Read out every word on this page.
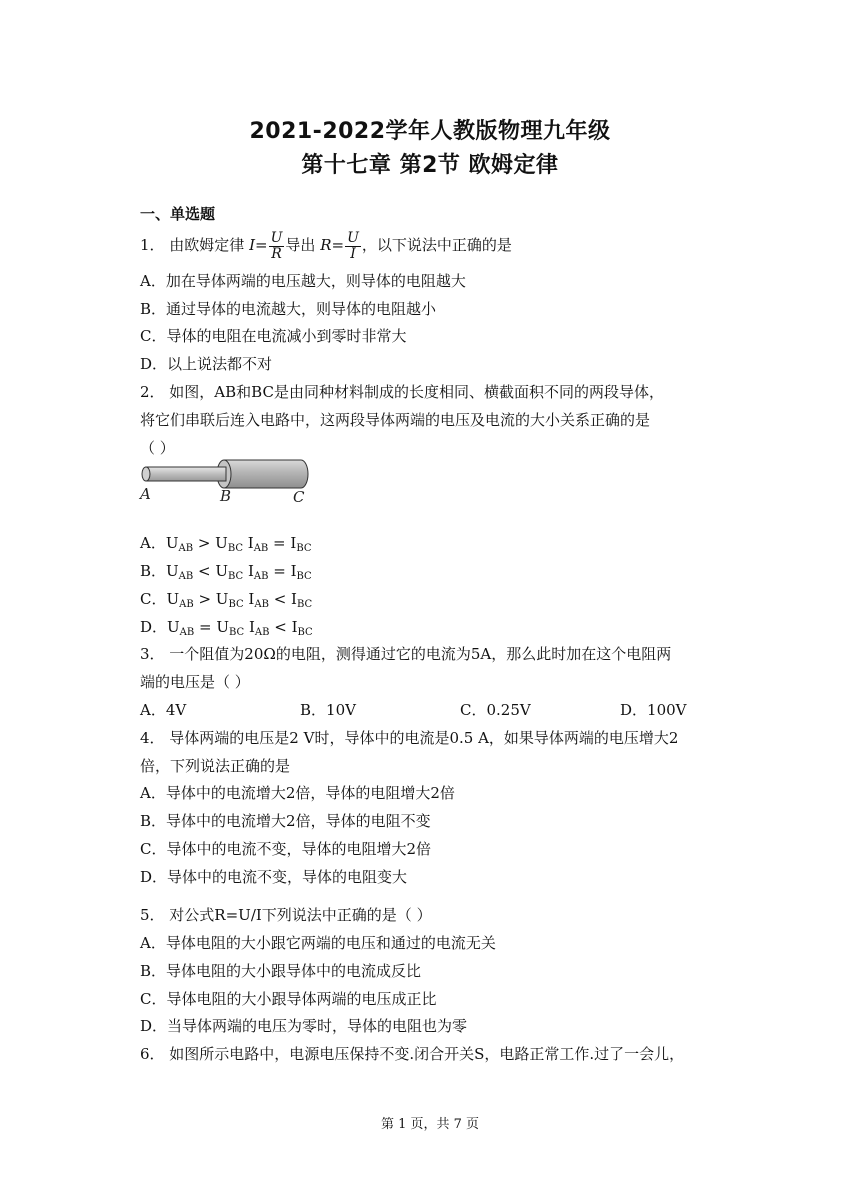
2021-2022学年人教版物理九年级
第十七章 第2节 欧姆定律
一、单选题
1． 由欧姆定律 $I= \frac{U}{R}$ 导出 $R= \frac{U}{I}$ ，以下说法中正确的是
A．加在导体两端的电压越大，则导体的电阻越大
B．通过导体的电流越大，则导体的电阻越小
C．导体的电阻在电流减小到零时非常大
D．以上说法都不对
2． 如图，AB和BC是由同种材料制成的长度相同、横截面积不同的两段导体，
将它们串联后连入电路中，这两段导体两端的电压及电流的大小关系正确的是
（ ）
A	B	C
A．$U_{AB} > U_{BC}$ $I_{AB} = I_{BC}$
B．$U_{AB} < U_{BC}$ $I_{AB} = I_{BC}$
C．$U_{AB} > U_{BC}$ $I_{AB} < I_{BC}$
D．$U_{AB} = U_{BC}$ $I_{AB} < I_{BC}$
3． 一个阻值为20Ω的电阻，测得通过它的电流为5A，那么此时加在这个电阻两
端的电压是（ ）
A．4V	B．10V	C．0.25V	D．100V
4． 导体两端的电压是2 V时，导体中的电流是0.5 A，如果导体两端的电压增大2
倍，下列说法正确的是
A．导体中的电流增大2倍，导体的电阻增大2倍
B．导体中的电流增大2倍，导体的电阻不变
C．导体中的电流不变，导体的电阻增大2倍
D．导体中的电流不变，导体的电阻变大
5． 对公式R=U/I下列说法中正确的是（ ）
A．导体电阻的大小跟它两端的电压和通过的电流无关
B．导体电阻的大小跟导体中的电流成反比
C．导体电阻的大小跟导体两端的电压成正比
D．当导体两端的电压为零时，导体的电阻也为零
6． 如图所示电路中，电源电压保持不变.闭合开关S，电路正常工作.过了一会儿，
第 1 页，共 7 页
